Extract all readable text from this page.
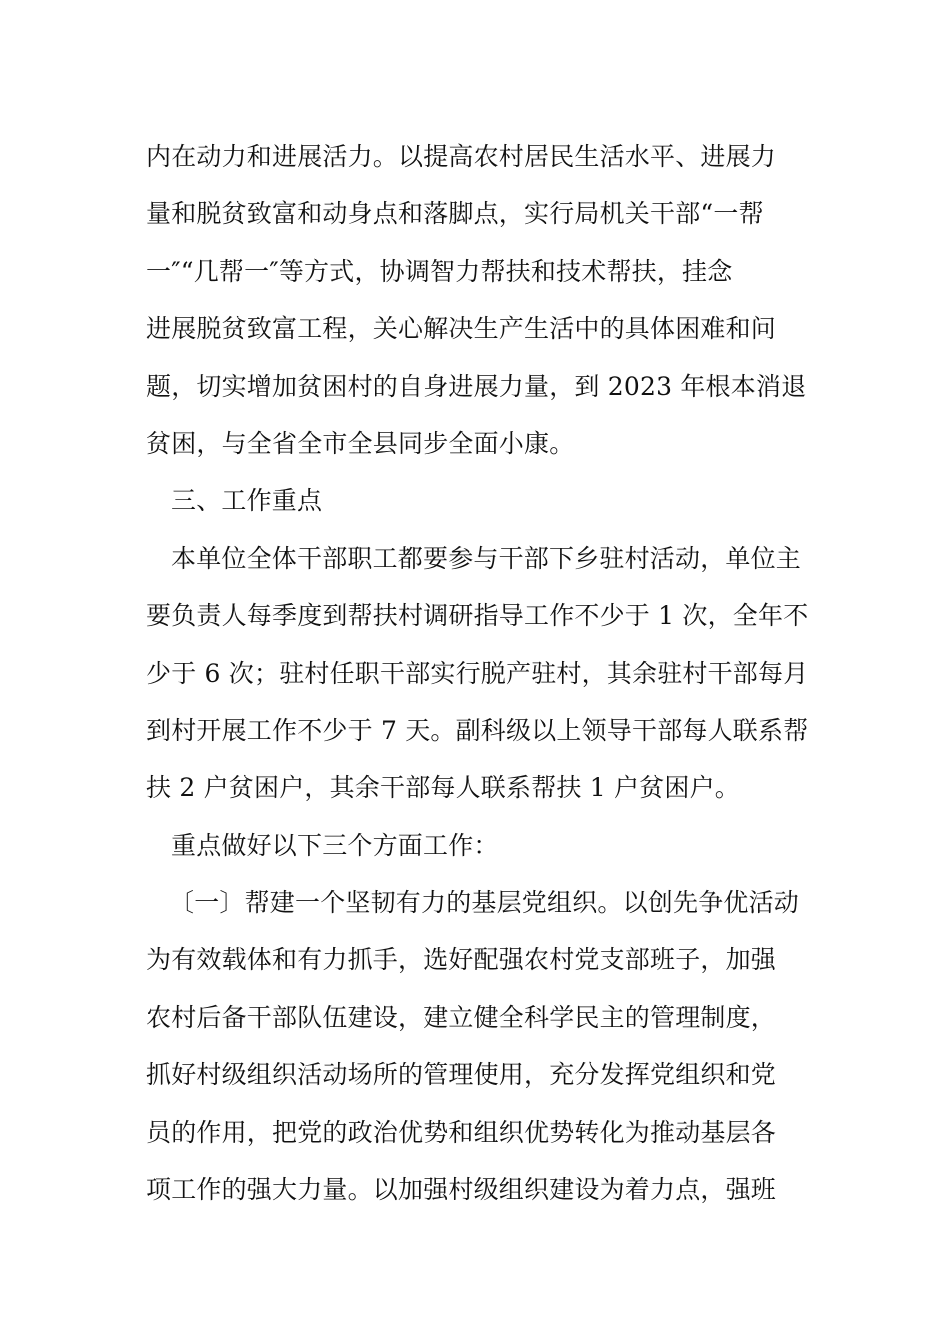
内在动力和进展活力。以提高农村居民生活水平、进展力
量和脱贫致富和动身点和落脚点，实行局机关干部“一帮
一″“几帮一″等方式，协调智力帮扶和技术帮扶，挂念
进展脱贫致富工程，关心解决生产生活中的具体困难和问
题，切实增加贫困村的自身进展力量，到 2023 年根本消退
贫困，与全省全市全县同步全面小康。
三、工作重点
本单位全体干部职工都要参与干部下乡驻村活动，单位主
要负责人每季度到帮扶村调研指导工作不少于 1 次，全年不
少于 6 次；驻村任职干部实行脱产驻村，其余驻村干部每月
到村开展工作不少于 7 天。副科级以上领导干部每人联系帮
扶 2 户贫困户，其余干部每人联系帮扶 1 户贫困户。
重点做好以下三个方面工作：
〔一〕帮建一个坚韧有力的基层党组织。以创先争优活动
为有效载体和有力抓手，选好配强农村党支部班子，加强
农村后备干部队伍建设，建立健全科学民主的管理制度，
抓好村级组织活动场所的管理使用，充分发挥党组织和党
员的作用，把党的政治优势和组织优势转化为推动基层各
项工作的强大力量。以加强村级组织建设为着力点，强班
